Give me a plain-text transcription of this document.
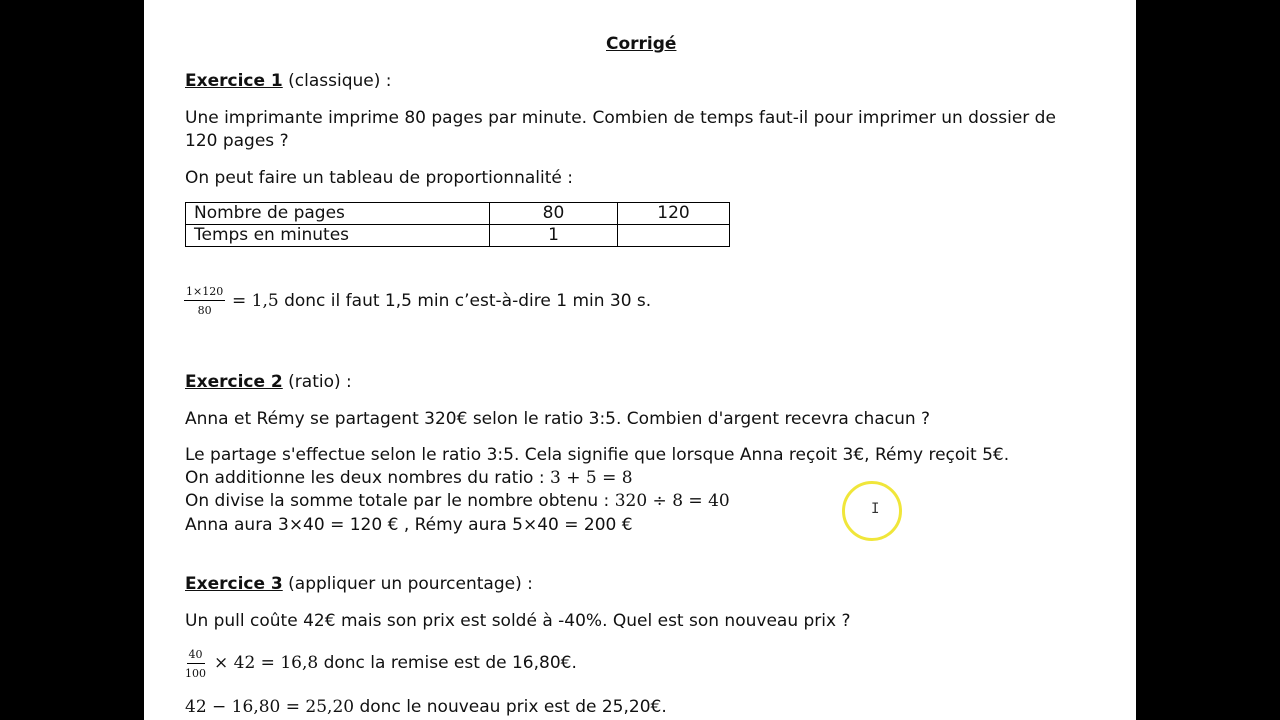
Corrigé
Exercice 1 (classique) :
Une imprimante imprime 80 pages par minute. Combien de temps faut-il pour imprimer un dossier de
120 pages ?
On peut faire un tableau de proportionnalité :
Nombre de pages	80	120
Temps en minutes	1	
$\frac{1\times 120}{80} = 1,5$ donc il faut 1,5 min c’est-à-dire 1 min 30 s.
Exercice 2 (ratio) :
Anna et Rémy se partagent 320€ selon le ratio 3:5. Combien d'argent recevra chacun ?
Le partage s'effectue selon le ratio 3:5. Cela signifie que lorsque Anna reçoit 3€, Rémy reçoit 5€.
On additionne les deux nombres du ratio : 3 + 5 = 8
On divise la somme totale par le nombre obtenu : 320 ÷ 8 = 40
Anna aura 3×40 = 120 € , Rémy aura 5×40 = 200 €
Exercice 3 (appliquer un pourcentage) :
Un pull coûte 42€ mais son prix est soldé à -40%. Quel est son nouveau prix ?
$\frac{40}{100} \times 42 = 16,8$ donc la remise est de 16,80€.
42 − 16,80 = 25,20 donc le nouveau prix est de 25,20€.
I
